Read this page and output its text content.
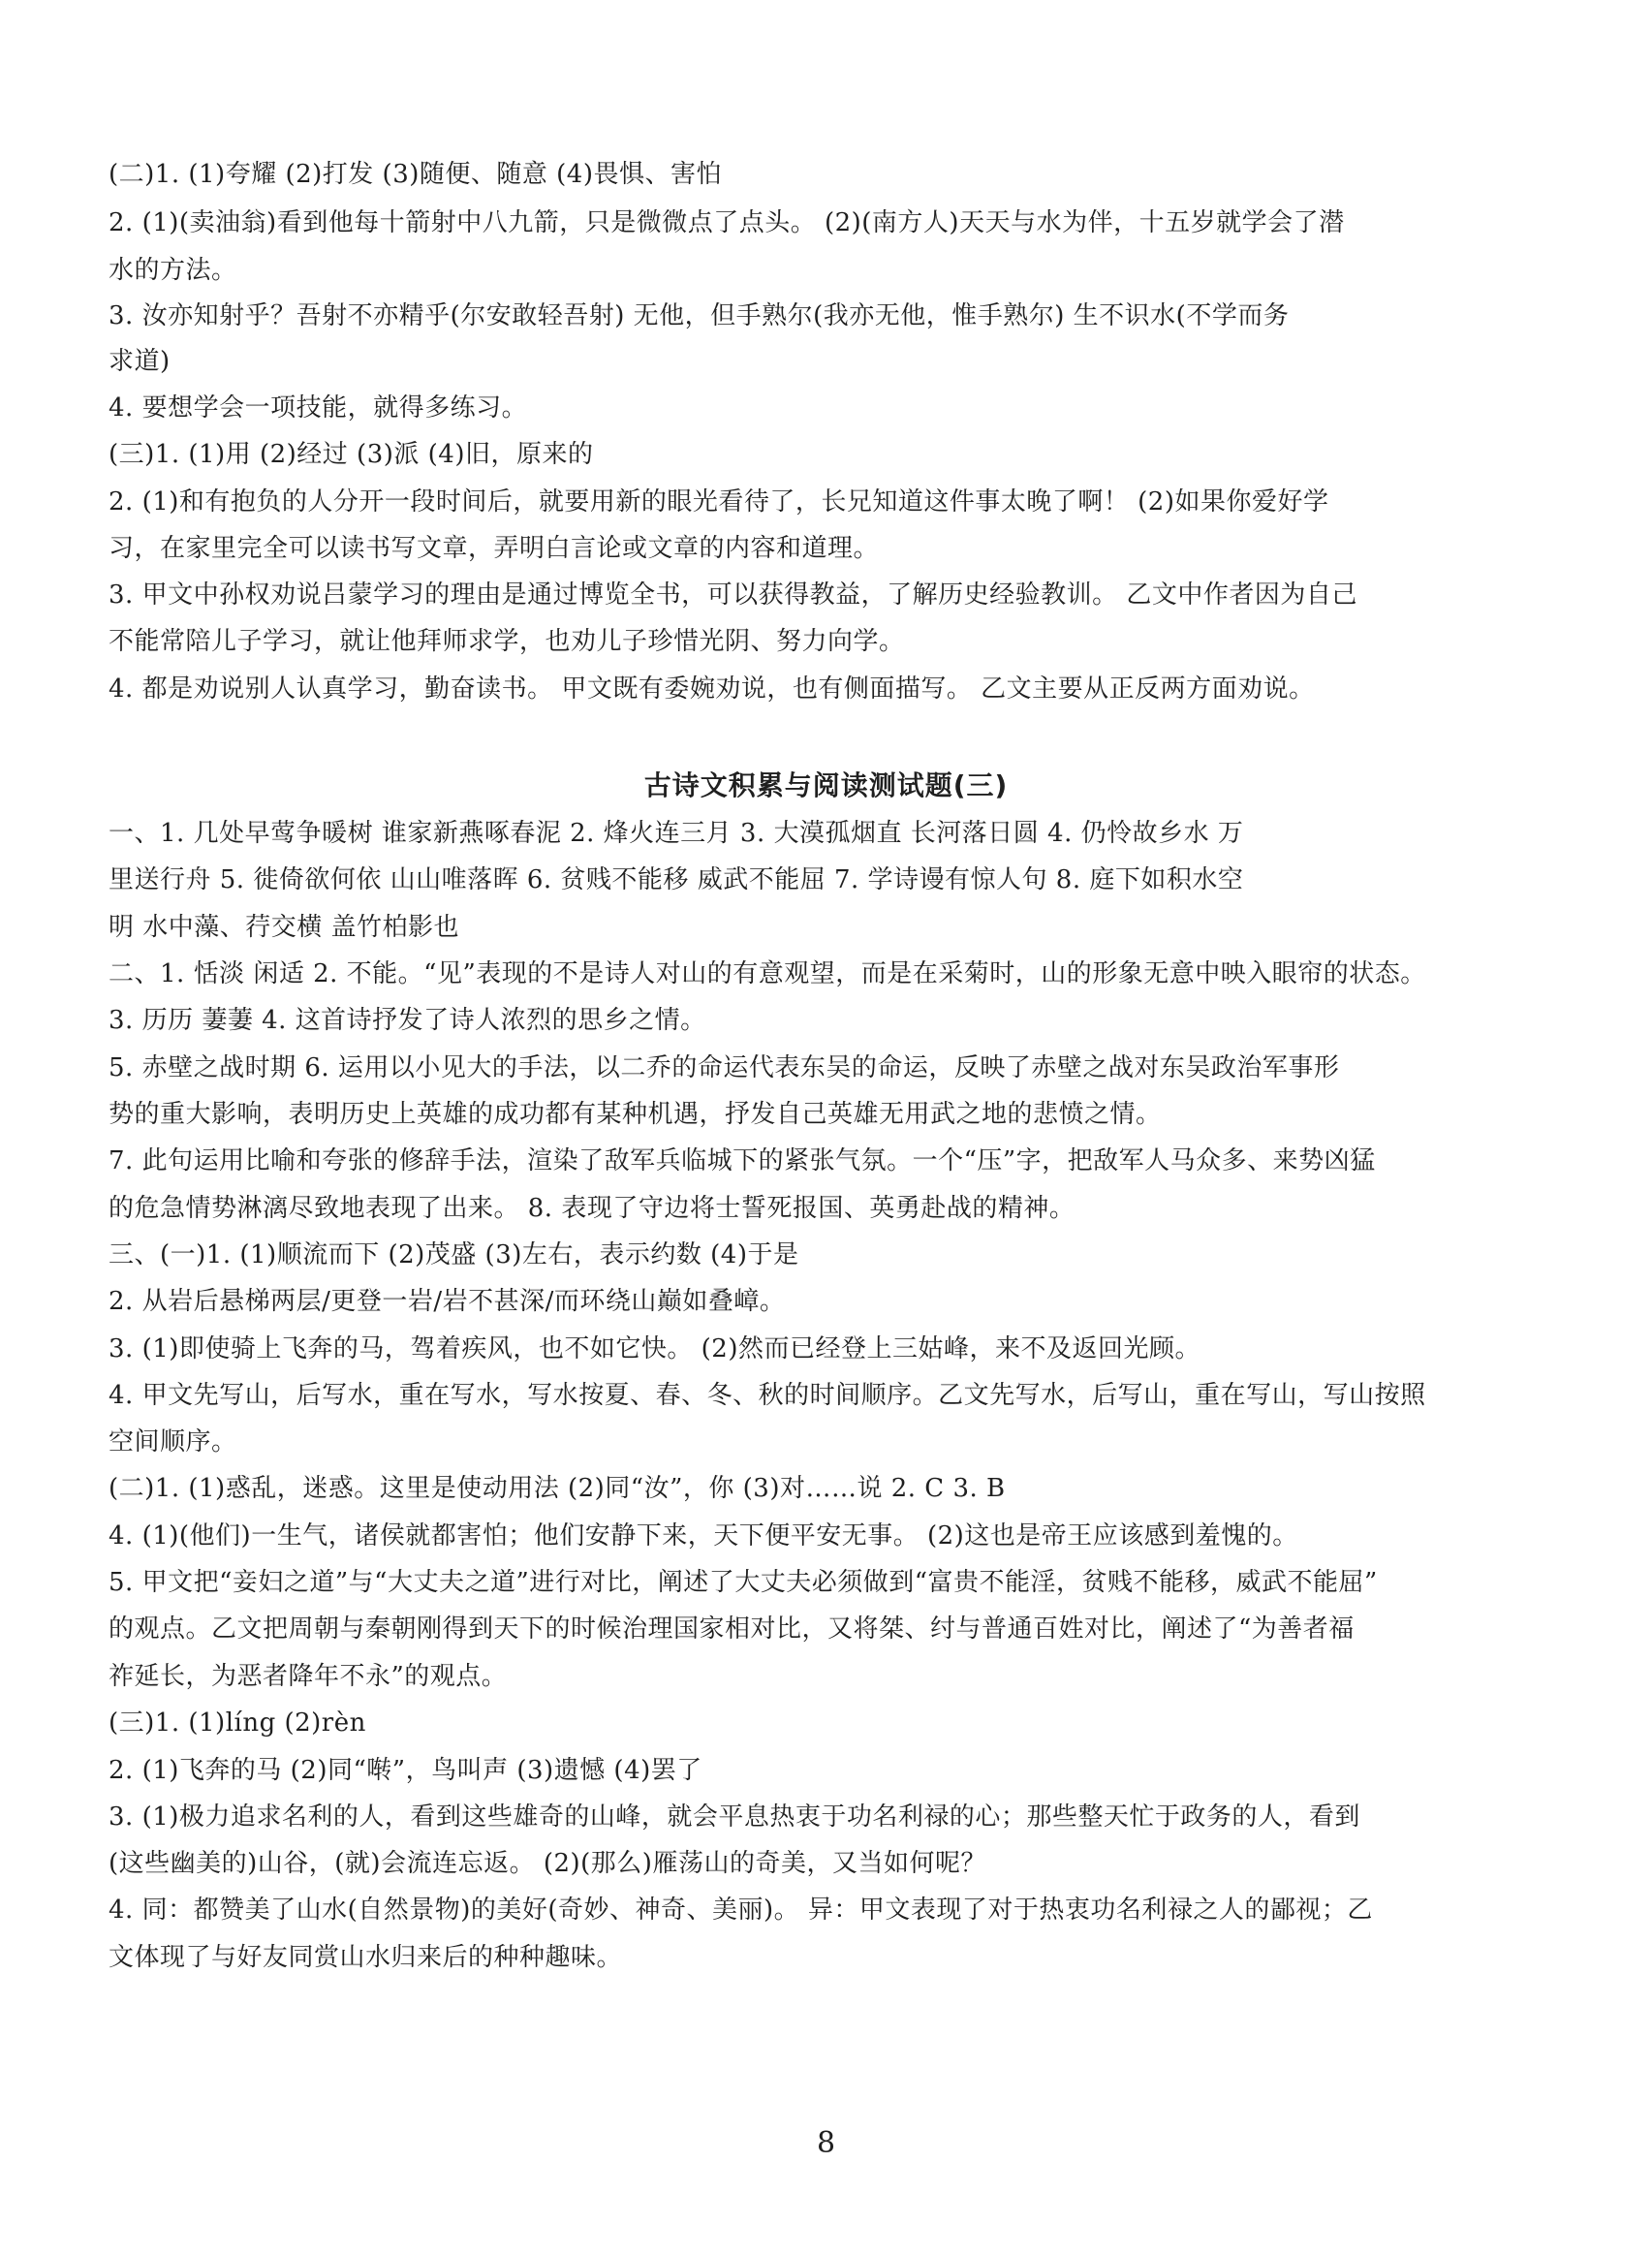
(二)1. (1)夸耀 (2)打发 (3)随便、随意 (4)畏惧、害怕
2. (1)(卖油翁)看到他每十箭射中八九箭，只是微微点了点头。 (2)(南方人)天天与水为伴，十五岁就学会了潜
水的方法。
3. 汝亦知射乎？吾射不亦精乎(尔安敢轻吾射) 无他，但手熟尔(我亦无他，惟手熟尔) 生不识水(不学而务
求道)
4. 要想学会一项技能，就得多练习。
(三)1. (1)用 (2)经过 (3)派 (4)旧，原来的
2. (1)和有抱负的人分开一段时间后，就要用新的眼光看待了，长兄知道这件事太晚了啊！ (2)如果你爱好学
习，在家里完全可以读书写文章，弄明白言论或文章的内容和道理。
3. 甲文中孙权劝说吕蒙学习的理由是通过博览全书，可以获得教益，了解历史经验教训。 乙文中作者因为自己
不能常陪儿子学习，就让他拜师求学，也劝儿子珍惜光阴、努力向学。
4. 都是劝说别人认真学习，勤奋读书。 甲文既有委婉劝说，也有侧面描写。 乙文主要从正反两方面劝说。
古诗文积累与阅读测试题(三)
一、1. 几处早莺争暖树 谁家新燕啄春泥 2. 烽火连三月 3. 大漠孤烟直 长河落日圆 4. 仍怜故乡水 万
里送行舟 5. 徙倚欲何依 山山唯落晖 6. 贫贱不能移 威武不能屈 7. 学诗谩有惊人句 8. 庭下如积水空
明 水中藻、荇交横 盖竹柏影也
二、1. 恬淡 闲适 2. 不能。“见”表现的不是诗人对山的有意观望，而是在采菊时，山的形象无意中映入眼帘的状态。
3. 历历 萋萋 4. 这首诗抒发了诗人浓烈的思乡之情。
5. 赤壁之战时期 6. 运用以小见大的手法，以二乔的命运代表东吴的命运，反映了赤壁之战对东吴政治军事形
势的重大影响，表明历史上英雄的成功都有某种机遇，抒发自己英雄无用武之地的悲愤之情。
7. 此句运用比喻和夸张的修辞手法，渲染了敌军兵临城下的紧张气氛。一个“压”字，把敌军人马众多、来势凶猛
的危急情势淋漓尽致地表现了出来。 8. 表现了守边将士誓死报国、英勇赴战的精神。
三、(一)1. (1)顺流而下 (2)茂盛 (3)左右，表示约数 (4)于是
2. 从岩后悬梯两层/更登一岩/岩不甚深/而环绕山巅如叠嶂。
3. (1)即使骑上飞奔的马，驾着疾风，也不如它快。 (2)然而已经登上三姑峰，来不及返回光顾。
4. 甲文先写山，后写水，重在写水，写水按夏、春、冬、秋的时间顺序。乙文先写水，后写山，重在写山，写山按照
空间顺序。
(二)1. (1)惑乱，迷惑。这里是使动用法 (2)同“汝”，你 (3)对……说 2. C 3. B
4. (1)(他们)一生气，诸侯就都害怕；他们安静下来，天下便平安无事。 (2)这也是帝王应该感到羞愧的。
5. 甲文把“妾妇之道”与“大丈夫之道”进行对比，阐述了大丈夫必须做到“富贵不能淫，贫贱不能移，威武不能屈”
的观点。乙文把周朝与秦朝刚得到天下的时候治理国家相对比，又将桀、纣与普通百姓对比，阐述了“为善者福
祚延长，为恶者降年不永”的观点。
(三)1. (1)líng (2)rèn
2. (1)飞奔的马 (2)同“啭”，鸟叫声 (3)遗憾 (4)罢了
3. (1)极力追求名利的人，看到这些雄奇的山峰，就会平息热衷于功名利禄的心；那些整天忙于政务的人，看到
(这些幽美的)山谷，(就)会流连忘返。 (2)(那么)雁荡山的奇美，又当如何呢？
4. 同：都赞美了山水(自然景物)的美好(奇妙、神奇、美丽)。 异：甲文表现了对于热衷功名利禄之人的鄙视；乙
文体现了与好友同赏山水归来后的种种趣味。
8
